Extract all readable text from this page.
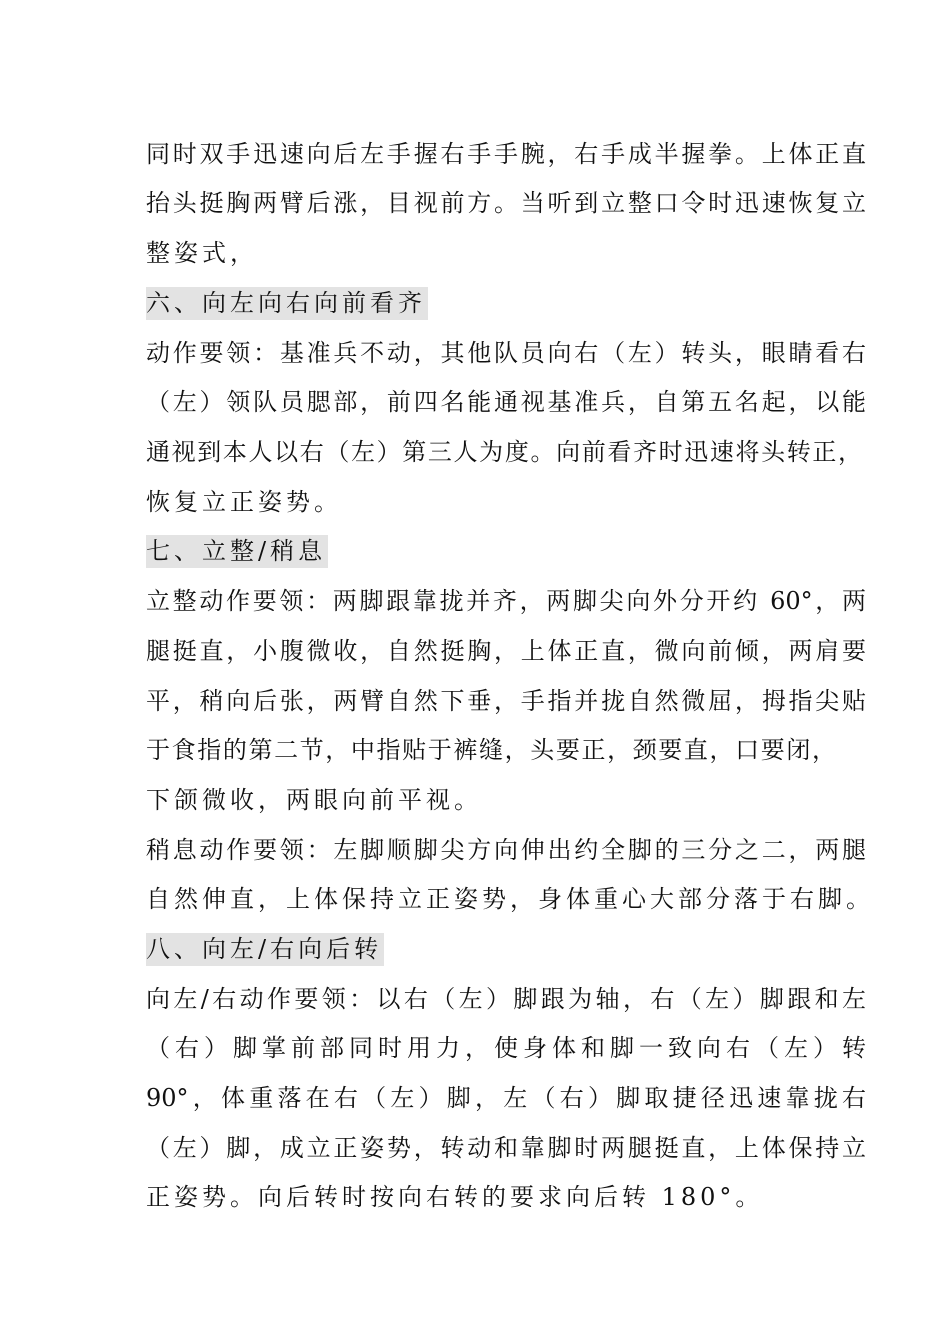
同时双手迅速向后左手握右手手腕，右手成半握拳。上体正直
抬头挺胸两臂后涨，目视前方。当听到立整口令时迅速恢复立
整姿式，
六、向左向右向前看齐
动作要领：基准兵不动，其他队员向右（左）转头，眼睛看右
（左）领队员腮部，前四名能通视基准兵，自第五名起，以能
通视到本人以右（左）第三人为度。向前看齐时迅速将头转正，
恢复立正姿势。
七、立整/稍息
立整动作要领：两脚跟靠拢并齐，两脚尖向外分开约 60°，两
腿挺直，小腹微收，自然挺胸，上体正直，微向前倾，两肩要
平，稍向后张，两臂自然下垂，手指并拢自然微屈，拇指尖贴
于食指的第二节，中指贴于裤缝，头要正，颈要直，口要闭，
下颌微收，两眼向前平视。
稍息动作要领：左脚顺脚尖方向伸出约全脚的三分之二，两腿
自然伸直，上体保持立正姿势，身体重心大部分落于右脚。
八、向左/右向后转
向左/右动作要领：以右（左）脚跟为轴，右（左）脚跟和左
（右）脚掌前部同时用力，使身体和脚一致向右（左）转
90°，体重落在右（左）脚，左（右）脚取捷径迅速靠拢右
（左）脚，成立正姿势，转动和靠脚时两腿挺直，上体保持立
正姿势。向后转时按向右转的要求向后转 180°。
